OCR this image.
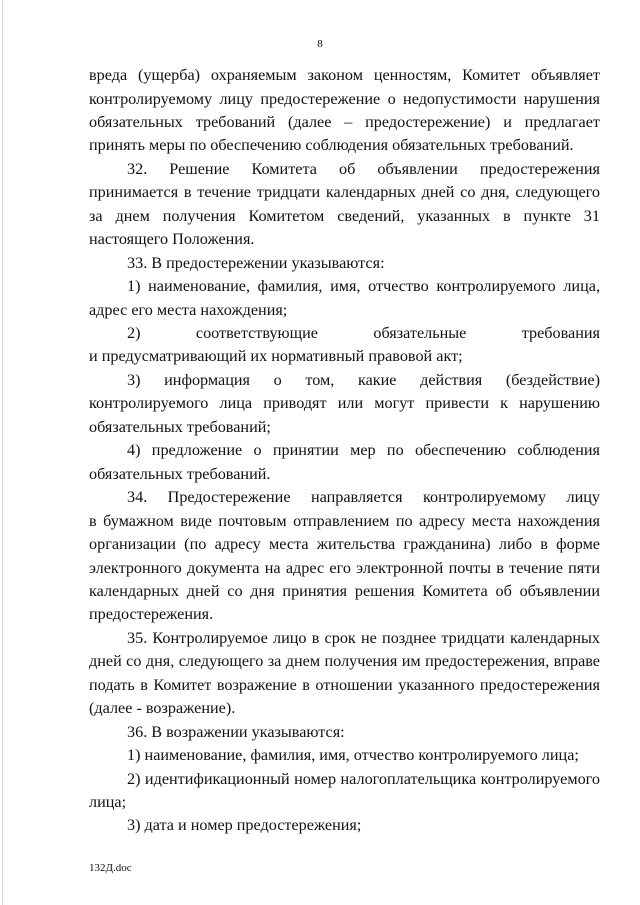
8
вреда (ущерба) охраняемым законом ценностям, Комитет объявляет
контролируемому лицу предостережение о недопустимости нарушения
обязательных требований (далее – предостережение) и предлагает
принять меры по обеспечению соблюдения обязательных требований.
32. Решение Комитета об объявлении предостережения
принимается в течение тридцати календарных дней со дня, следующего
за днем получения Комитетом сведений, указанных в пункте 31
настоящего Положения.
33. В предостережении указываются:
1) наименование, фамилия, имя, отчество контролируемого лица,
адрес его места нахождения;
2) соответствующие обязательные требования
и предусматривающий их нормативный правовой акт;
3) информация о том, какие действия (бездействие)
контролируемого лица приводят или могут привести к нарушению
обязательных требований;
4) предложение о принятии мер по обеспечению соблюдения
обязательных требований.
34. Предостережение направляется контролируемому лицу
в бумажном виде почтовым отправлением по адресу места нахождения
организации (по адресу места жительства гражданина) либо в форме
электронного документа на адрес его электронной почты в течение пяти
календарных дней со дня принятия решения Комитета об объявлении
предостережения.
35. Контролируемое лицо в срок не позднее тридцати календарных
дней со дня, следующего за днем получения им предостережения, вправе
подать в Комитет возражение в отношении указанного предостережения
(далее - возражение).
36. В возражении указываются:
1) наименование, фамилия, имя, отчество контролируемого лица;
2) идентификационный номер налогоплательщика контролируемого
лица;
3) дата и номер предостережения;
132Д.doc
